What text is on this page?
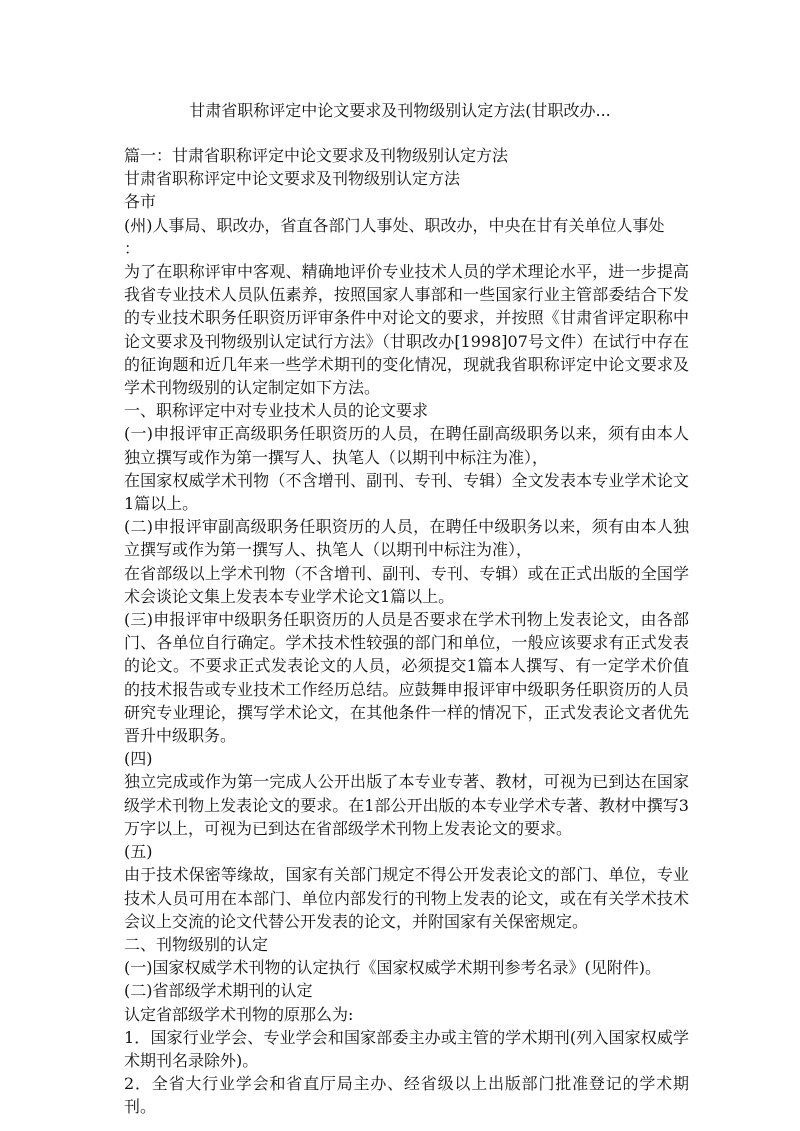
甘肃省职称评定中论文要求及刊物级别认定方法(甘职改办...

篇一：甘肃省职称评定中论文要求及刊物级别认定方法

甘肃省职称评定中论文要求及刊物级别认定方法

各市

(州)人事局、职改办，省直各部门人事处、职改办，中央在甘有关单位人事处

：

为了在职称评审中客观、精确地评价专业技术人员的学术理论水平，进一步提高我省专业技术人员队伍素养，按照国家人事部和一些国家行业主管部委结合下发的专业技术职务任职资历评审条件中对论文的要求，并按照《甘肃省评定职称中论文要求及刊物级别认定试行方法》（甘职改办[1998]07号文件）在试行中存在的征询题和近几年来一些学术期刊的变化情况，现就我省职称评定中论文要求及学术刊物级别的认定制定如下方法。

一、职称评定中对专业技术人员的论文要求

(一)申报评审正高级职务任职资历的人员，在聘任副高级职务以来，须有由本人独立撰写或作为第一撰写人、执笔人（以期刊中标注为准），

在国家权威学术刊物（不含增刊、副刊、专刊、专辑）全文发表本专业学术论文1篇以上。

(二)申报评审副高级职务任职资历的人员，在聘任中级职务以来，须有由本人独立撰写或作为第一撰写人、执笔人（以期刊中标注为准），

在省部级以上学术刊物（不含增刊、副刊、专刊、专辑）或在正式出版的全国学术会谈论文集上发表本专业学术论文1篇以上。

(三)申报评审中级职务任职资历的人员是否要求在学术刊物上发表论文，由各部门、各单位自行确定。学术技术性较强的部门和单位，一般应该要求有正式发表的论文。不要求正式发表论文的人员，必须提交1篇本人撰写、有一定学术价值的技术报告或专业技术工作经历总结。应鼓舞申报评审中级职务任职资历的人员研究专业理论，撰写学术论文，在其他条件一样的情况下，正式发表论文者优先晋升中级职务。

(四)

独立完成或作为第一完成人公开出版了本专业专著、教材，可视为已到达在国家级学术刊物上发表论文的要求。在1部公开出版的本专业学术专著、教材中撰写3万字以上，可视为已到达在省部级学术刊物上发表论文的要求。

(五)

由于技术保密等缘故，国家有关部门规定不得公开发表论文的部门、单位，专业技术人员可用在本部门、单位内部发行的刊物上发表的论文，或在有关学术技术会议上交流的论文代替公开发表的论文，并附国家有关保密规定。

二、刊物级别的认定

(一)国家权威学术刊物的认定执行《国家权威学术期刊参考名录》(见附件)。

(二)省部级学术期刊的认定

认定省部级学术刊物的原那么为:

1．国家行业学会、专业学会和国家部委主办或主管的学术期刊(列入国家权威学术期刊名录除外)。

2．全省大行业学会和省直厅局主办、经省级以上出版部门批准登记的学术期刊。
